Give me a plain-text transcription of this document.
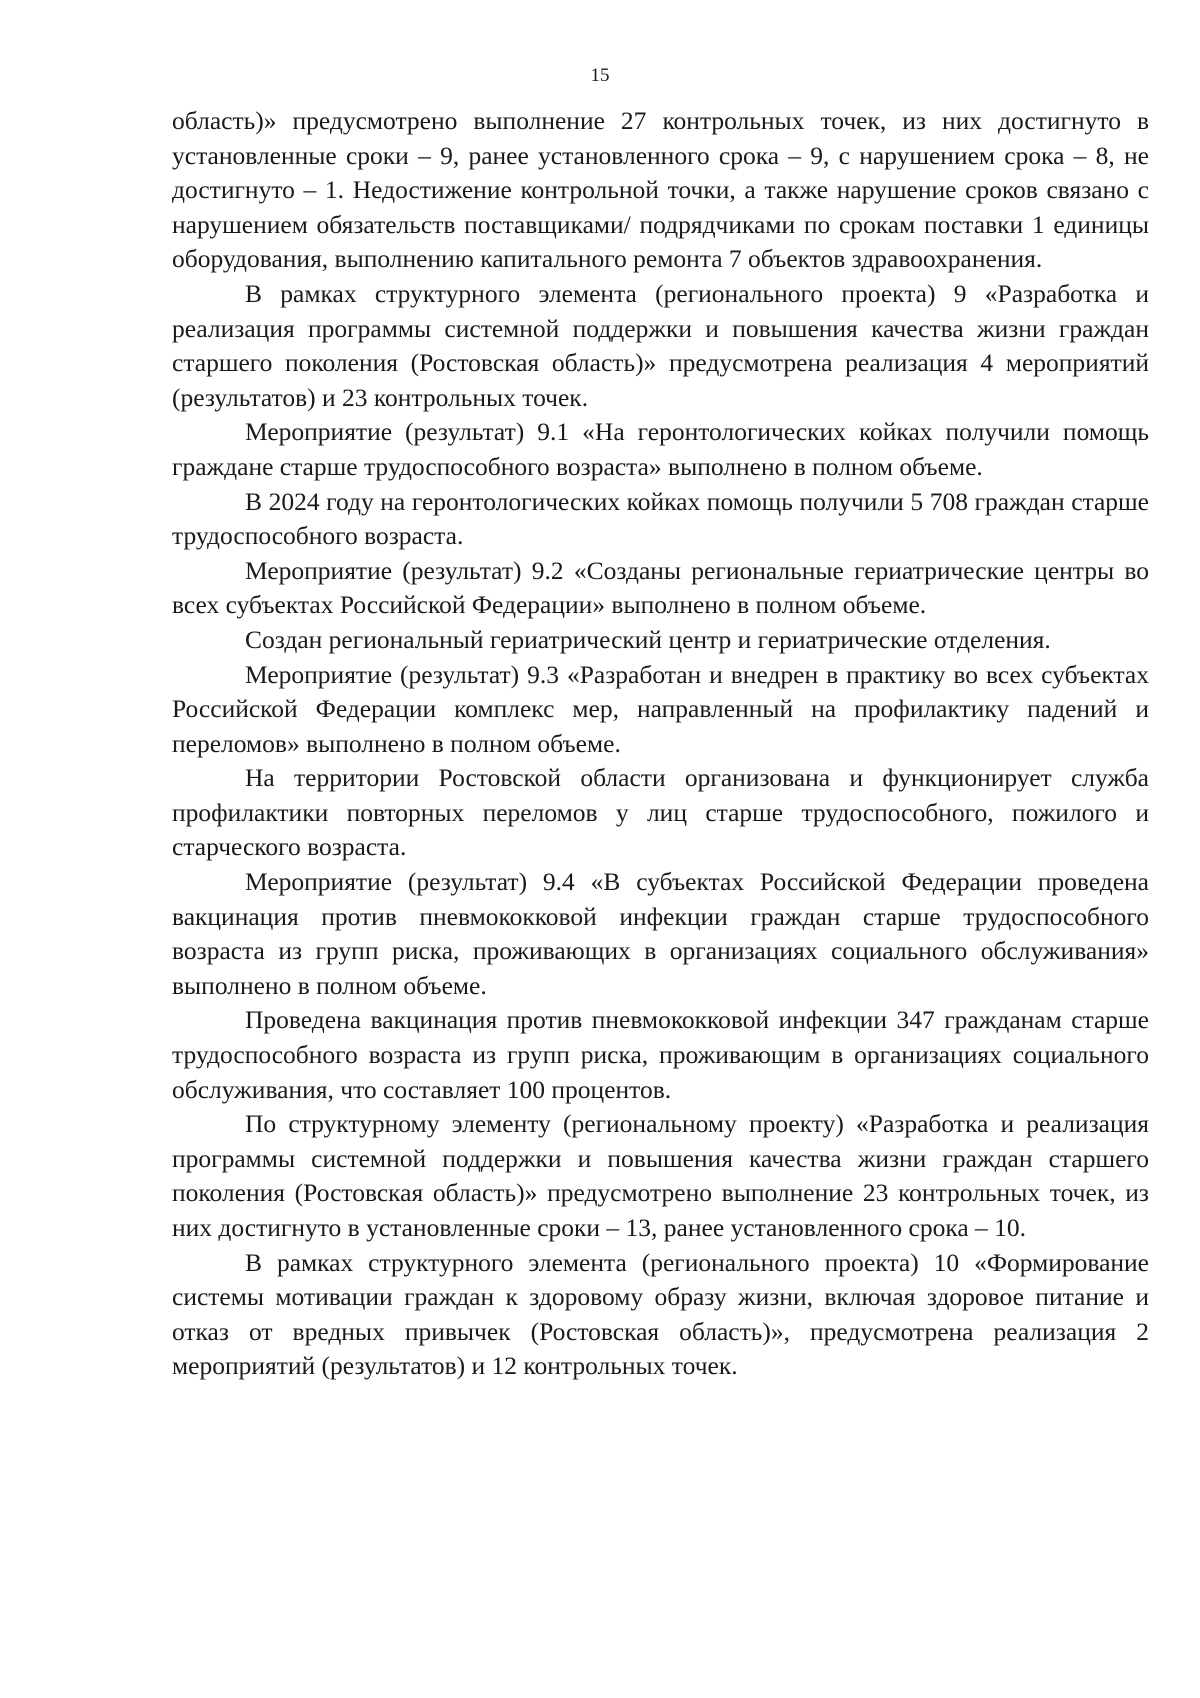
15

область)» предусмотрено выполнение 27 контрольных точек, из них достигнуто в установленные сроки – 9, ранее установленного срока – 9, с нарушением срока – 8, не достигнуто – 1. Недостижение контрольной точки, а также нарушение сроков связано с нарушением обязательств поставщиками/ подрядчиками по срокам поставки 1 единицы оборудования, выполнению капитального ремонта 7 объектов здравоохранения.

В рамках структурного элемента (регионального проекта) 9 «Разработка и реализация программы системной поддержки и повышения качества жизни граждан старшего поколения (Ростовская область)» предусмотрена реализация 4 мероприятий (результатов) и 23 контрольных точек.

Мероприятие (результат) 9.1 «На геронтологических койках получили помощь граждане старше трудоспособного возраста» выполнено в полном объеме.

В 2024 году на геронтологических койках помощь получили 5 708 граждан старше трудоспособного возраста.

Мероприятие (результат) 9.2 «Созданы региональные гериатрические центры во всех субъектах Российской Федерации» выполнено в полном объеме.

Создан региональный гериатрический центр и гериатрические отделения.

Мероприятие (результат) 9.3 «Разработан и внедрен в практику во всех субъектах Российской Федерации комплекс мер, направленный на профилактику падений и переломов» выполнено в полном объеме.

На территории Ростовской области организована и функционирует служба профилактики повторных переломов у лиц старше трудоспособного, пожилого и старческого возраста.

Мероприятие (результат) 9.4 «В субъектах Российской Федерации проведена вакцинация против пневмококковой инфекции граждан старше трудоспособного возраста из групп риска, проживающих в организациях социального обслуживания» выполнено в полном объеме.

Проведена вакцинация против пневмококковой инфекции 347 гражданам старше трудоспособного возраста из групп риска, проживающим в организациях социального обслуживания, что составляет 100 процентов.

По структурному элементу (региональному проекту) «Разработка и реализация программы системной поддержки и повышения качества жизни граждан старшего поколения (Ростовская область)» предусмотрено выполнение 23 контрольных точек, из них достигнуто в установленные сроки – 13, ранее установленного срока – 10.

В рамках структурного элемента (регионального проекта) 10 «Формирование системы мотивации граждан к здоровому образу жизни, включая здоровое питание и отказ от вредных привычек (Ростовская область)», предусмотрена реализация 2 мероприятий (результатов) и 12 контрольных точек.
